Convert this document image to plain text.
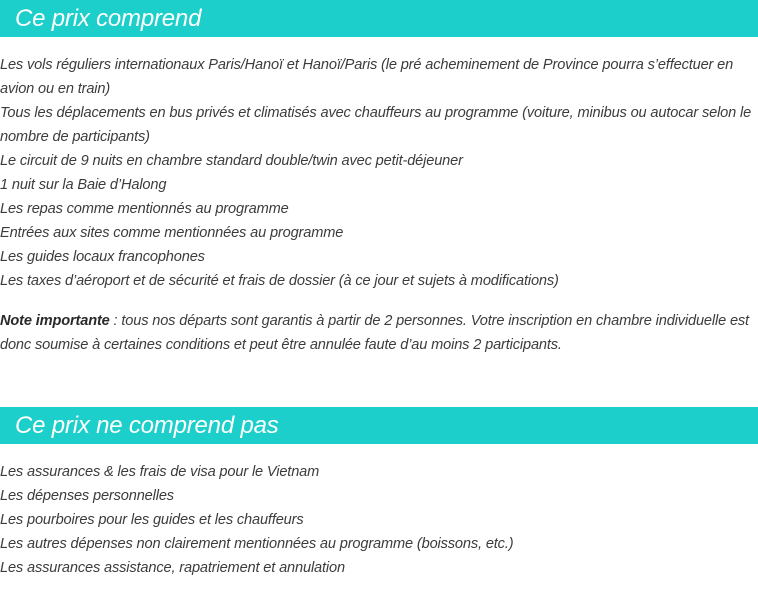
Ce prix comprend
Les vols réguliers internationaux Paris/Hanoï et Hanoï/Paris (le pré acheminement de Province pourra s’effectuer en avion ou en train)
Tous les déplacements en bus privés et climatisés avec chauffeurs au programme (voiture, minibus ou autocar selon le nombre de participants)
Le circuit de 9 nuits en chambre standard double/twin avec petit-déjeuner
1 nuit sur la Baie d’Halong
Les repas comme mentionnés au programme
Entrées aux sites comme mentionnées au programme
Les guides locaux francophones
Les taxes d’aéroport et de sécurité et frais de dossier (à ce jour et sujets à modifications)

Note importante : tous nos départs sont garantis à partir de 2 personnes. Votre inscription en chambre individuelle est donc soumise à certaines conditions et peut être annulée faute d’au moins 2 participants.

Ce prix ne comprend pas
Les assurances & les frais de visa pour le Vietnam
Les dépenses personnelles
Les pourboires pour les guides et les chauffeurs
Les autres dépenses non clairement mentionnées au programme (boissons, etc.)
Les assurances assistance, rapatriement et annulation
